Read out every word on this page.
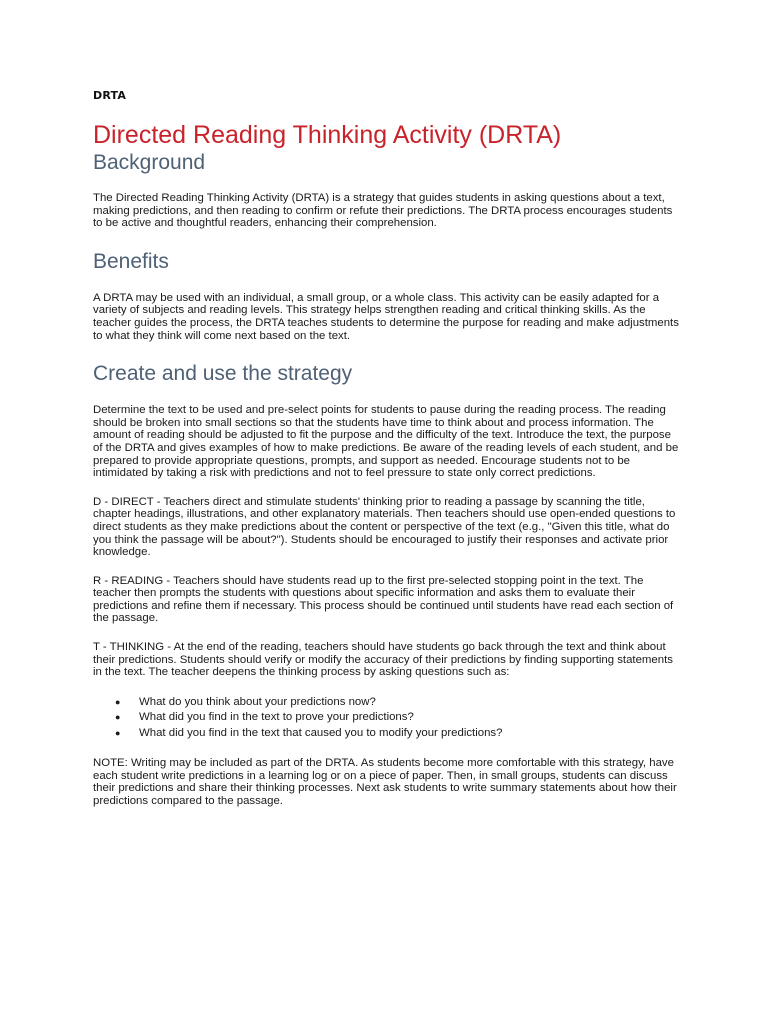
DRTA
Directed Reading Thinking Activity (DRTA)
Background

The Directed Reading Thinking Activity (DRTA) is a strategy that guides students in asking questions about a text, making predictions, and then reading to confirm or refute their predictions. The DRTA process encourages students to be active and thoughtful readers, enhancing their comprehension.

Benefits

A DRTA may be used with an individual, a small group, or a whole class. This activity can be easily adapted for a variety of subjects and reading levels. This strategy helps strengthen reading and critical thinking skills. As the teacher guides the process, the DRTA teaches students to determine the purpose for reading and make adjustments to what they think will come next based on the text.

Create and use the strategy

Determine the text to be used and pre-select points for students to pause during the reading process. The reading should be broken into small sections so that the students have time to think about and process information. The amount of reading should be adjusted to fit the purpose and the difficulty of the text. Introduce the text, the purpose of the DRTA and gives examples of how to make predictions. Be aware of the reading levels of each student, and be prepared to provide appropriate questions, prompts, and support as needed. Encourage students not to be intimidated by taking a risk with predictions and not to feel pressure to state only correct predictions.

D - DIRECT - Teachers direct and stimulate students' thinking prior to reading a passage by scanning the title, chapter headings, illustrations, and other explanatory materials. Then teachers should use open-ended questions to direct students as they make predictions about the content or perspective of the text (e.g., "Given this title, what do you think the passage will be about?"). Students should be encouraged to justify their responses and activate prior knowledge.

R - READING - Teachers should have students read up to the first pre-selected stopping point in the text. The teacher then prompts the students with questions about specific information and asks them to evaluate their predictions and refine them if necessary. This process should be continued until students have read each section of the passage.

T - THINKING - At the end of the reading, teachers should have students go back through the text and think about their predictions. Students should verify or modify the accuracy of their predictions by finding supporting statements in the text. The teacher deepens the thinking process by asking questions such as:

● What do you think about your predictions now?
● What did you find in the text to prove your predictions?
● What did you find in the text that caused you to modify your predictions?

NOTE: Writing may be included as part of the DRTA. As students become more comfortable with this strategy, have each student write predictions in a learning log or on a piece of paper. Then, in small groups, students can discuss their predictions and share their thinking processes. Next ask students to write summary statements about how their predictions compared to the passage.
